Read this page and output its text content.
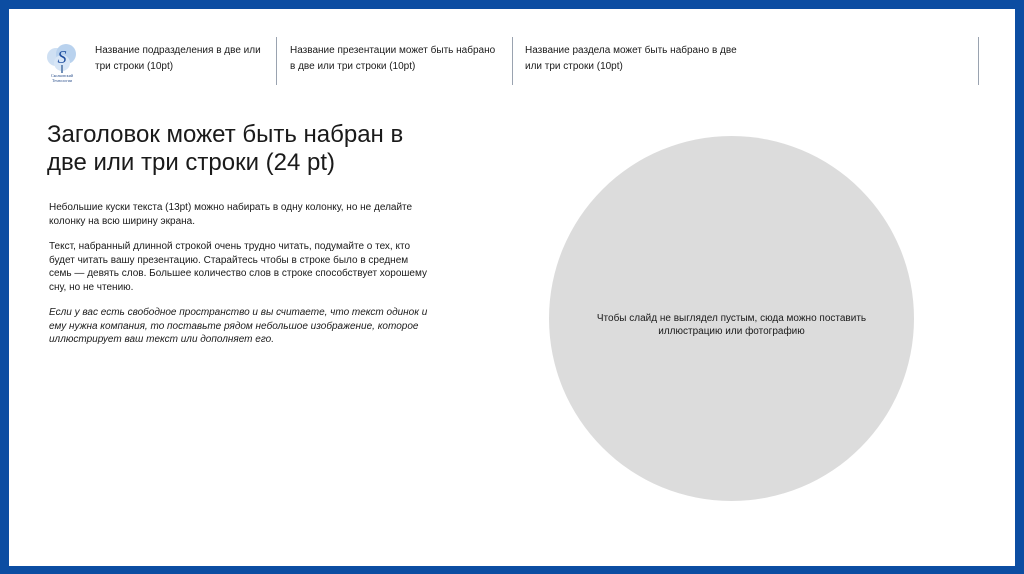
S
Сколковский
Технологии
Название подразделения в две или три строки (10pt)
Название презентации может быть набрано в две или три строки (10pt)
Название раздела может быть набрано в две или три строки (10pt)
Заголовок может быть набран в две или три строки (24 pt)

Небольшие куски текста (13pt) можно набирать в одну колонку, но не делайте колонку на всю ширину экрана.

Текст, набранный длинной строкой очень трудно читать, подумайте о тех, кто будет читать вашу презентацию. Старайтесь чтобы в строке было в среднем семь — девять слов. Большее количество слов в строке способствует хорошему сну, но не чтению.

Если у вас есть свободное пространство и вы считаете, что текст одинок и ему нужна компания, то поставьте рядом небольшое изображение, которое иллюстрирует ваш текст или дополняет его.

Чтобы слайд не выглядел пустым, сюда можно поставить иллюстрацию или фотографию
